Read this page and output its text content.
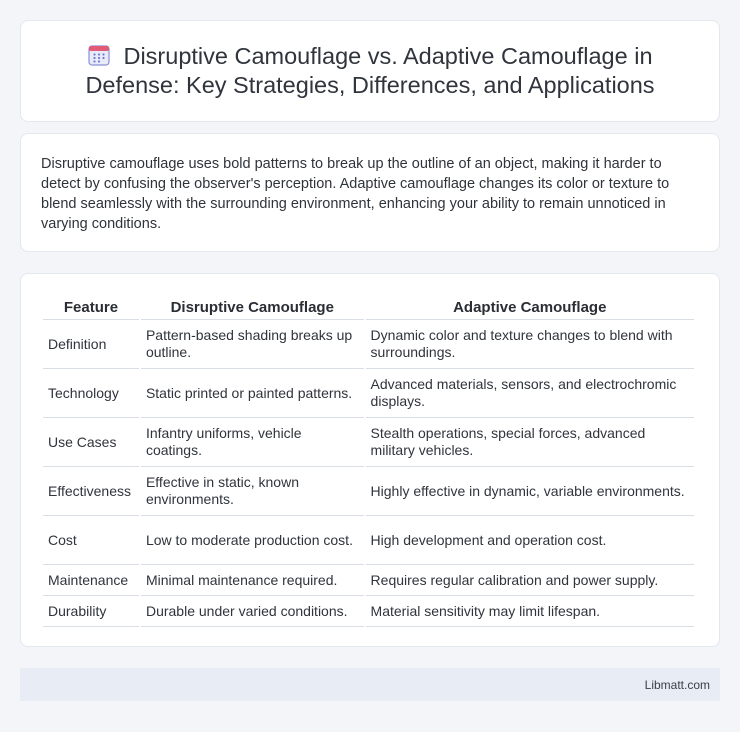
Disruptive Camouflage vs. Adaptive Camouflage in Defense: Key Strategies, Differences, and Applications

Disruptive camouflage uses bold patterns to break up the outline of an object, making it harder to detect by confusing the observer's perception. Adaptive camouflage changes its color or texture to blend seamlessly with the surrounding environment, enhancing your ability to remain unnoticed in varying conditions.

Feature	Disruptive Camouflage	Adaptive Camouflage
Definition	Pattern-based shading breaks up outline.	Dynamic color and texture changes to blend with surroundings.
Technology	Static printed or painted patterns.	Advanced materials, sensors, and electrochromic displays.
Use Cases	Infantry uniforms, vehicle coatings.	Stealth operations, special forces, advanced military vehicles.
Effectiveness	Effective in static, known environments.	Highly effective in dynamic, variable environments.
Cost	Low to moderate production cost.	High development and operation cost.
Maintenance	Minimal maintenance required.	Requires regular calibration and power supply.
Durability	Durable under varied conditions.	Material sensitivity may limit lifespan.
Libmatt.com
